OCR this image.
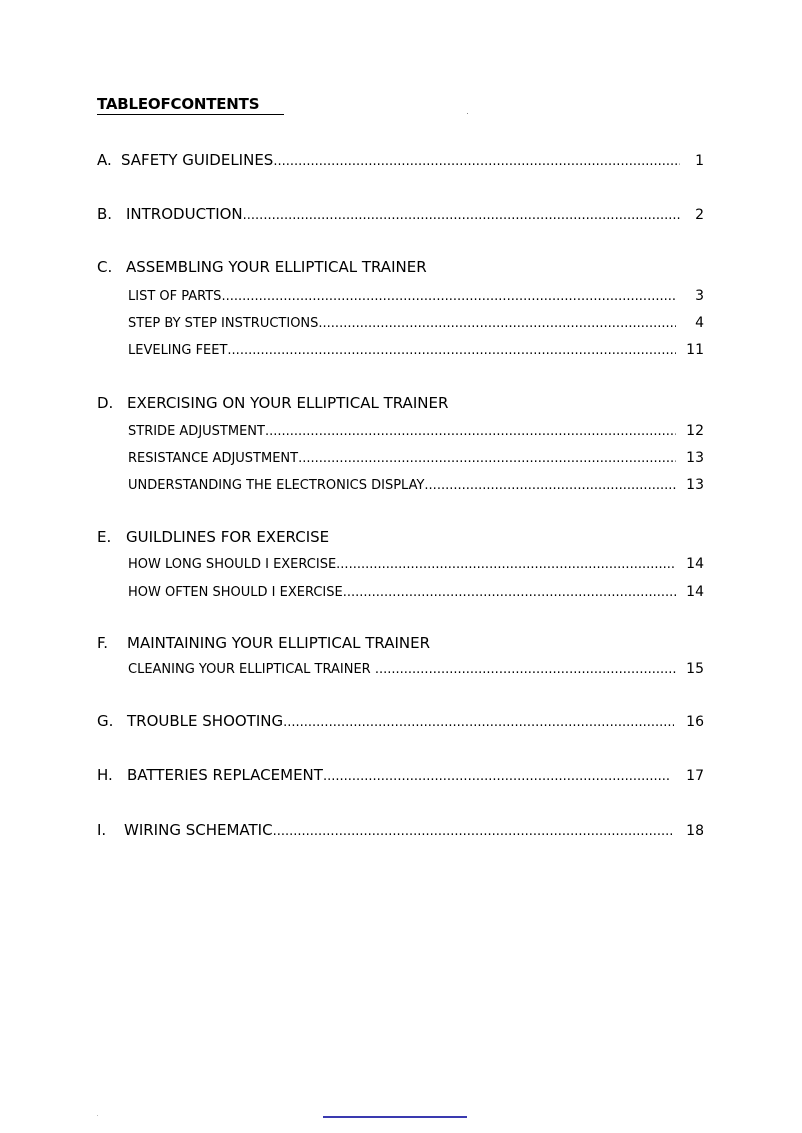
TABLEOFCONTENTS
A. SAFETY GUIDELINES .....	1
B. INTRODUCTION .....	2
C. ASSEMBLING YOUR ELLIPTICAL TRAINER
LIST OF PARTS .....	3
STEP BY STEP INSTRUCTIONS .....	4
LEVELING FEET .....	11
D. EXERCISING ON YOUR ELLIPTICAL TRAINER
STRIDE ADJUSTMENT .....	12
RESISTANCE ADJUSTMENT .....	13
UNDERSTANDING THE ELECTRONICS DISPLAY .....	13
E. GUILDLINES FOR EXERCISE
HOW LONG SHOULD I EXERCISE .....	14
HOW OFTEN SHOULD I EXERCISE .....	14
F. MAINTAINING YOUR ELLIPTICAL TRAINER
CLEANING YOUR ELLIPTICAL TRAINER .....	15
G. TROUBLE SHOOTING .....	16
H. BATTERIES REPLACEMENT .....	17
I. WIRING SCHEMATIC .....	18
